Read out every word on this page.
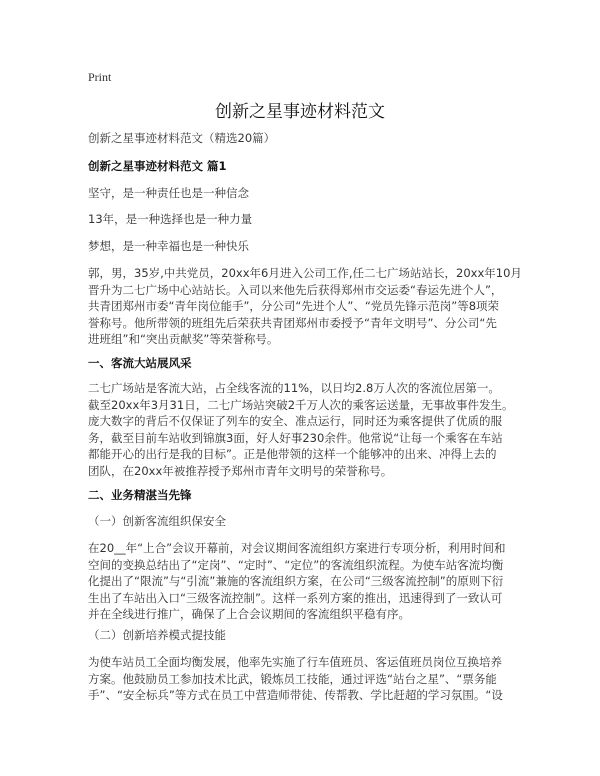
Print
创新之星事迹材料范文
创新之星事迹材料范文（精选20篇）
创新之星事迹材料范文 篇1
坚守，是一种责任也是一种信念
13年，是一种选择也是一种力量
梦想，是一种幸福也是一种快乐
郭，男，35岁,中共党员，20xx年6月进入公司工作,任二七广场站站长，20xx年10月
晋升为二七广场中心站站长。入司以来他先后获得郑州市交运委“春运先进个人”，
共青团郑州市委“青年岗位能手”，分公司“先进个人”、“党员先锋示范岗”等8项荣
誉称号。他所带领的班组先后荣获共青团郑州市委授予“青年文明号”、分公司“先
进班组”和“突出贡献奖”等荣誉称号。
一、客流大站展风采
二七广场站是客流大站，占全线客流的11%，以日均2.8万人次的客流位居第一。
截至20xx年3月31日，二七广场站突破2千万人次的乘客运送量，无事故事件发生。
庞大数字的背后不仅保证了列车的安全、准点运行，同时还为乘客提供了优质的服
务，截至目前车站收到锦旗3面，好人好事230余件。他常说“让每一个乘客在车站
都能开心的出行是我的目标”。正是他带领的这样一个能够冲的出来、冲得上去的
团队，在20xx年被推荐授予郑州市青年文明号的荣誉称号。
二、业务精湛当先锋
（一）创新客流组织保安全
在20__年“上合”会议开幕前，对会议期间客流组织方案进行专项分析，利用时间和
空间的变换总结出了“定岗”、“定时”、“定位”的客流组织流程。为使车站客流均衡
化提出了“限流”与“引流”兼施的客流组织方案，在公司“三级客流控制”的原则下衍
生出了车站出入口“三级客流控制”。这样一系列方案的推出，迅速得到了一致认可
并在全线进行推广，确保了上合会议期间的客流组织平稳有序。
（二）创新培养模式提技能
为使车站员工全面均衡发展，他率先实施了行车值班员、客运值班员岗位互换培养
方案。他鼓励员工参加技术比武，锻炼员工技能，通过评选“站台之星”、“票务能
手”、“安全标兵”等方式在员工中营造师带徒、传帮教、学比赶超的学习氛围。“设
